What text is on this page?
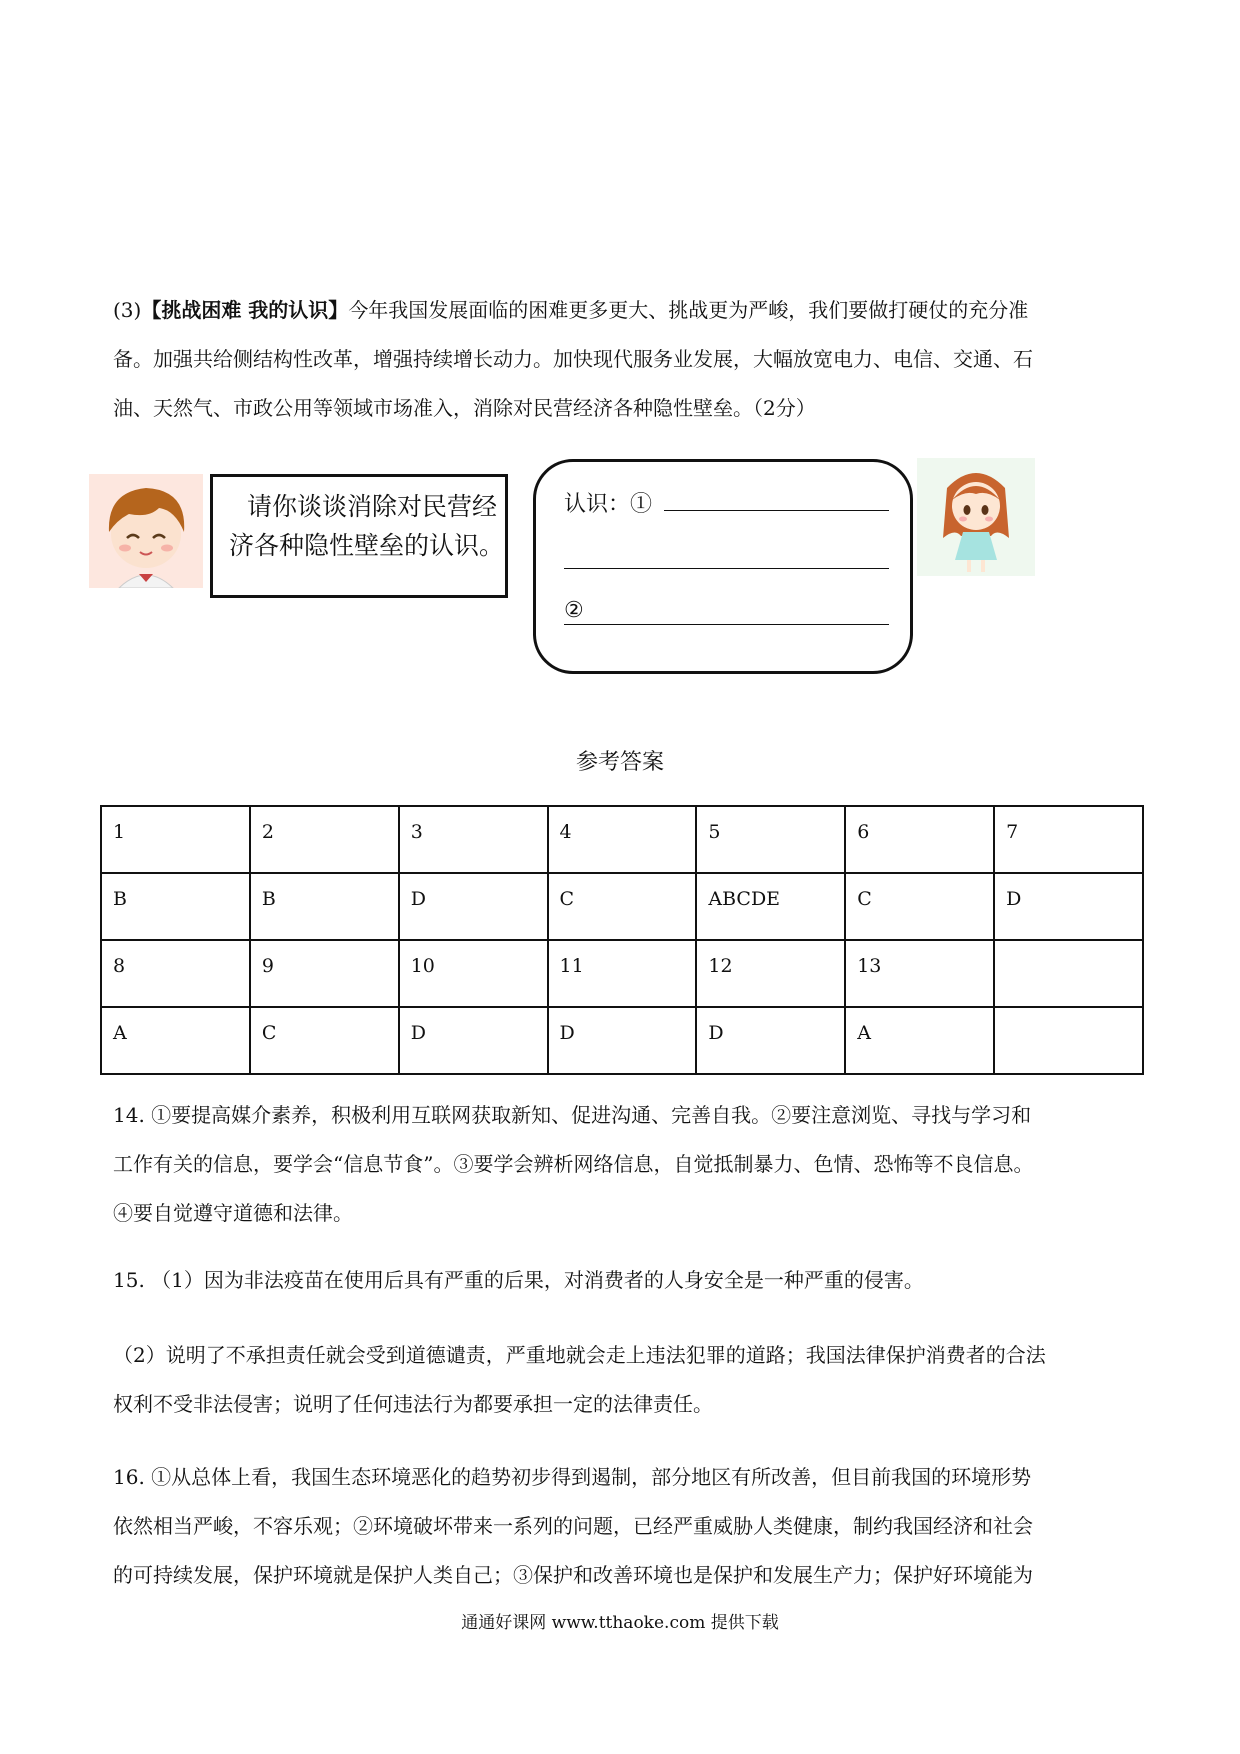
(3)【挑战困难 我的认识】今年我国发展面临的困难更多更大、挑战更为严峻，我们要做打硬仗的充分准
备。加强共给侧结构性改革，增强持续增长动力。加快现代服务业发展，大幅放宽电力、电信、交通、石
油、天然气、市政公用等领域市场准入，消除对民营经济各种隐性壁垒。（2分）
请你谈谈消除对民营经
济各种隐性壁垒的认识。
认识：①
②
参考答案
1	2	3	4	5	6	7
B	B	D	C	ABCDE	C	D
8	9	10	11	12	13	
A	C	D	D	D	A	
14. ①要提高媒介素养，积极利用互联网获取新知、促进沟通、完善自我。②要注意浏览、寻找与学习和
工作有关的信息，要学会“信息节食”。③要学会辨析网络信息，自觉抵制暴力、色情、恐怖等不良信息。
④要自觉遵守道德和法律。
15. （1）因为非法疫苗在使用后具有严重的后果，对消费者的人身安全是一种严重的侵害。
（2）说明了不承担责任就会受到道德谴责，严重地就会走上违法犯罪的道路；我国法律保护消费者的合法
权利不受非法侵害；说明了任何违法行为都要承担一定的法律责任。
16. ①从总体上看，我国生态环境恶化的趋势初步得到遏制，部分地区有所改善，但目前我国的环境形势
依然相当严峻，不容乐观；②环境破坏带来一系列的问题，已经严重威胁人类健康，制约我国经济和社会
的可持续发展，保护环境就是保护人类自己；③保护和改善环境也是保护和发展生产力；保护好环境能为
通通好课网 www.tthaoke.com 提供下载
